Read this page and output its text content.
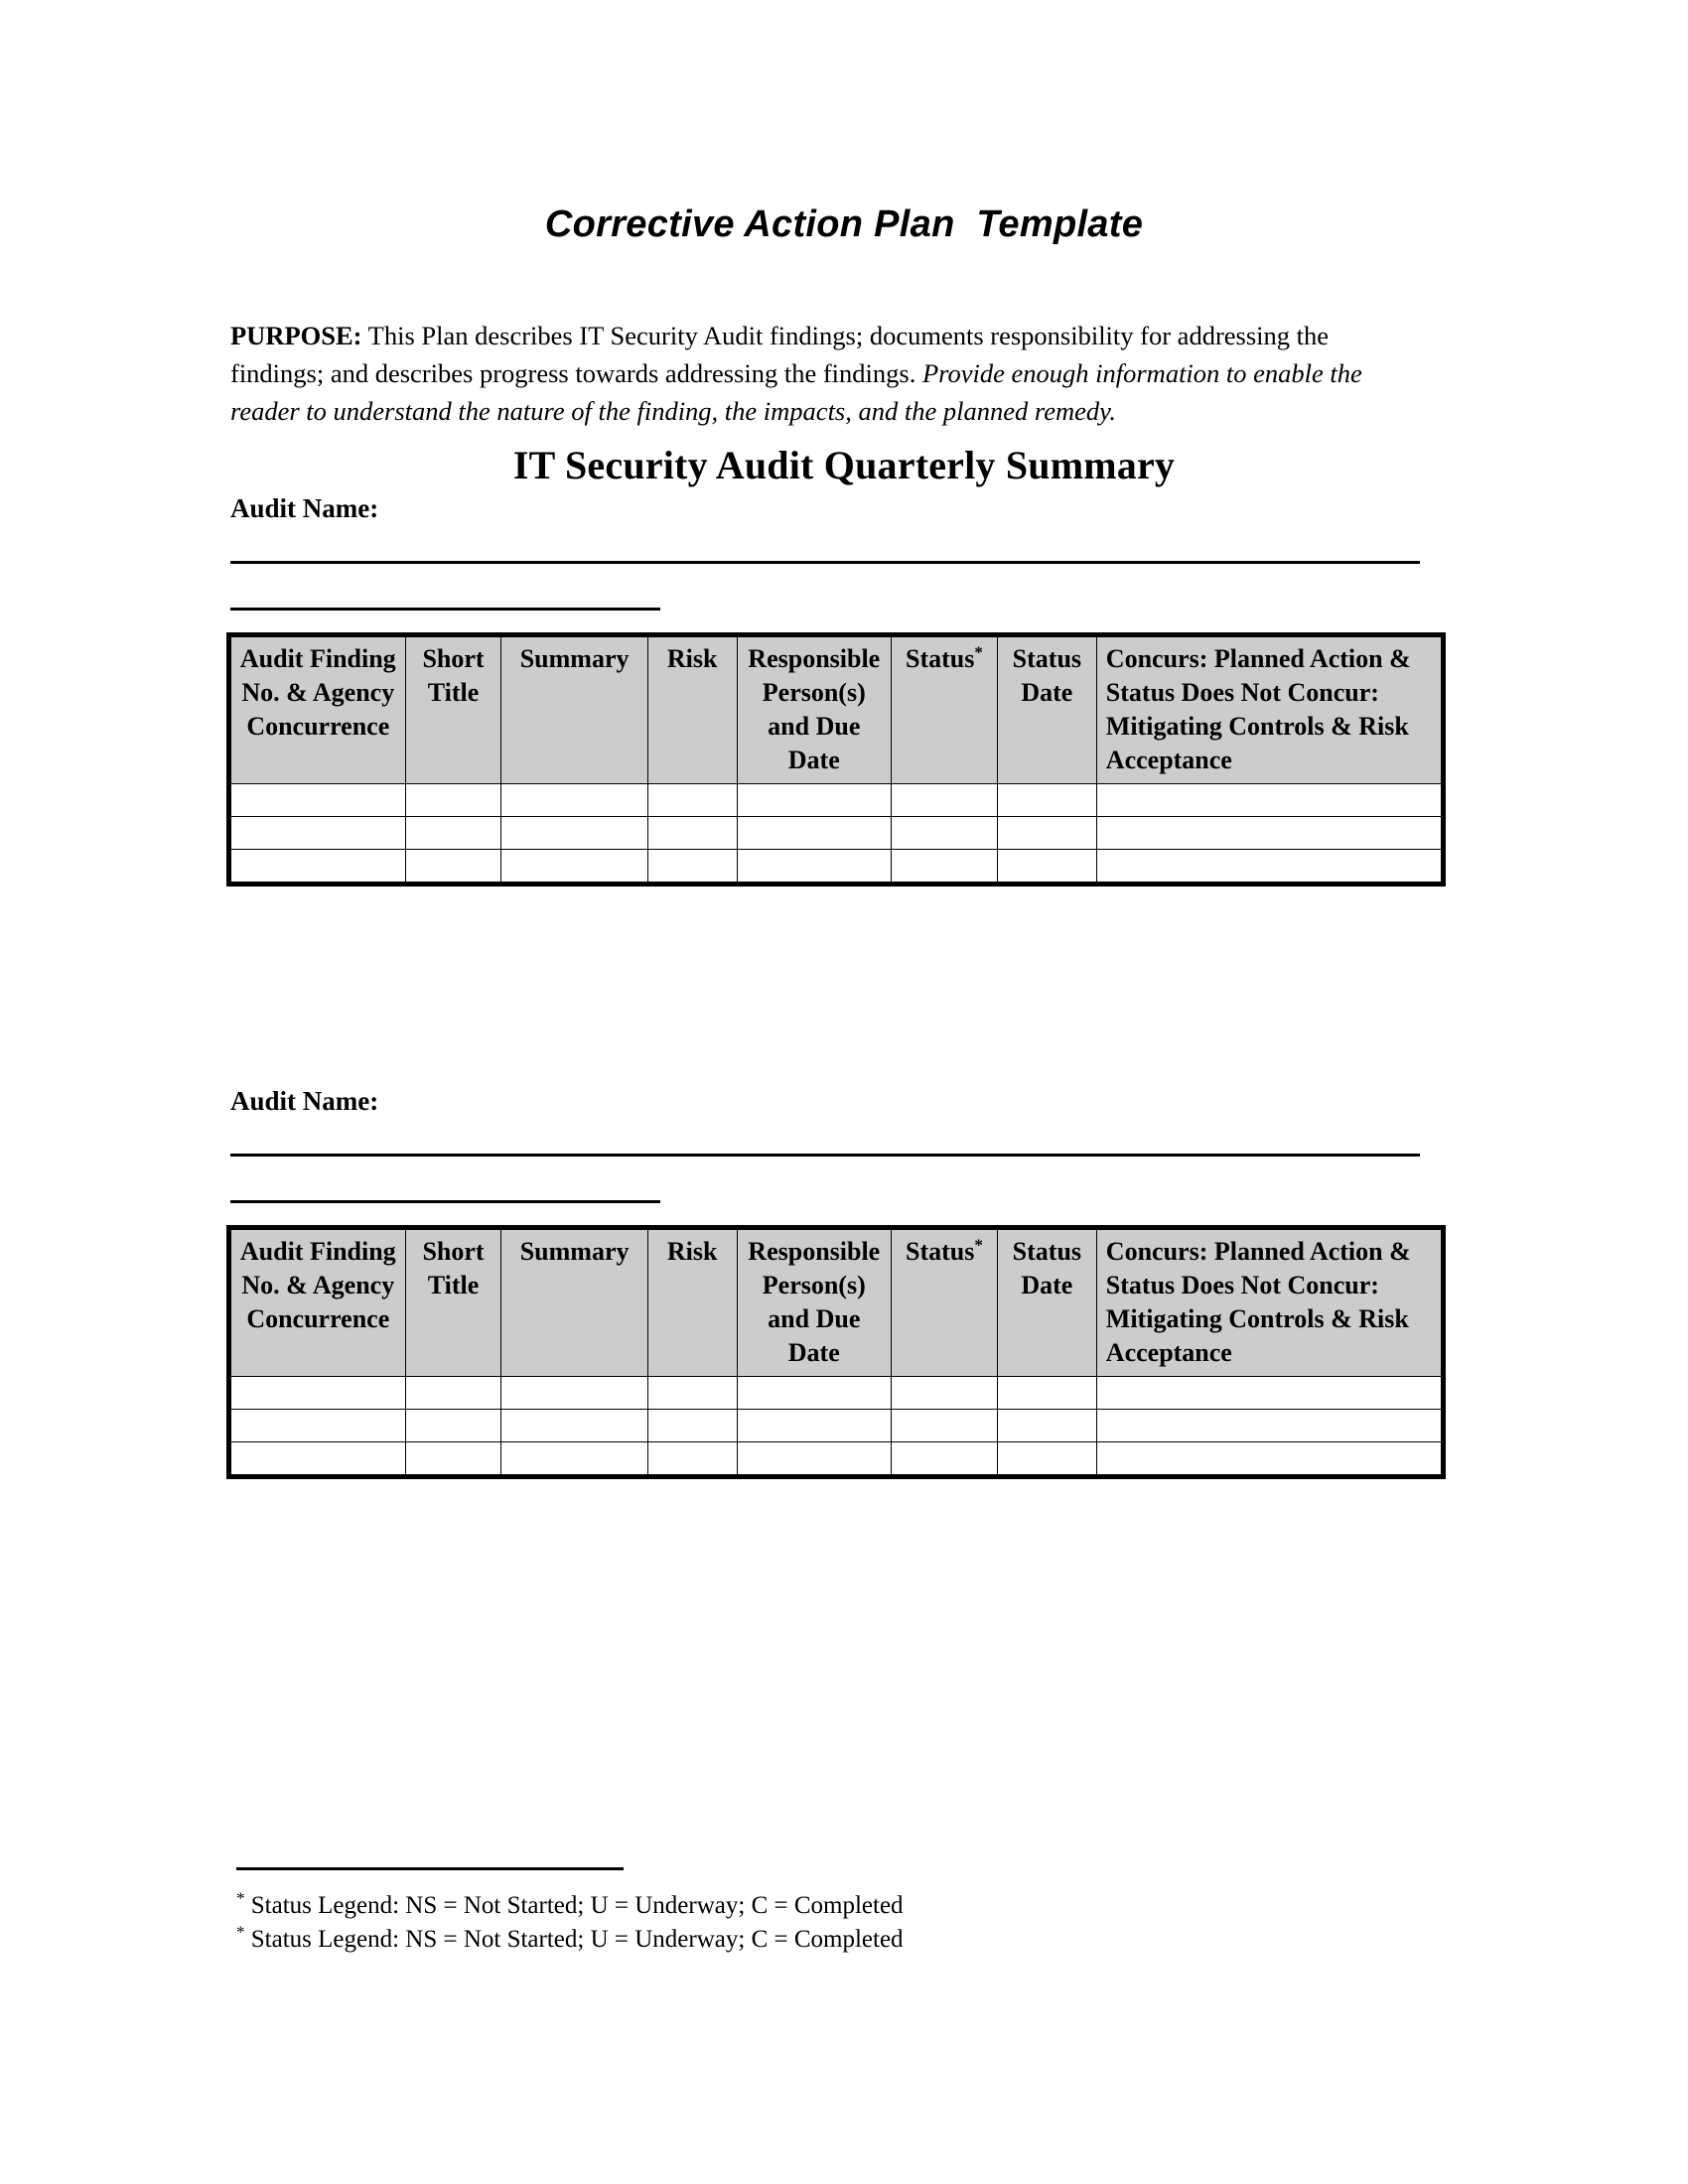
Corrective Action Plan  Template

PURPOSE: This Plan describes IT Security Audit findings; documents responsibility for addressing the findings; and describes progress towards addressing the findings. Provide enough information to enable the reader to understand the nature of the finding, the impacts, and the planned remedy.

IT Security Audit Quarterly Summary
Audit Name:
Audit Finding No. & Agency Concurrence	Short Title	Summary	Risk	Responsible Person(s) and Due Date	Status*	Status Date	Concurs: Planned Action & Status Does Not Concur: Mitigating Controls & Risk Acceptance

Audit Name:
Audit Finding No. & Agency Concurrence	Short Title	Summary	Risk	Responsible Person(s) and Due Date	Status*	Status Date	Concurs: Planned Action & Status Does Not Concur: Mitigating Controls & Risk Acceptance

* Status Legend: NS = Not Started; U = Underway; C = Completed
* Status Legend: NS = Not Started; U = Underway; C = Completed
